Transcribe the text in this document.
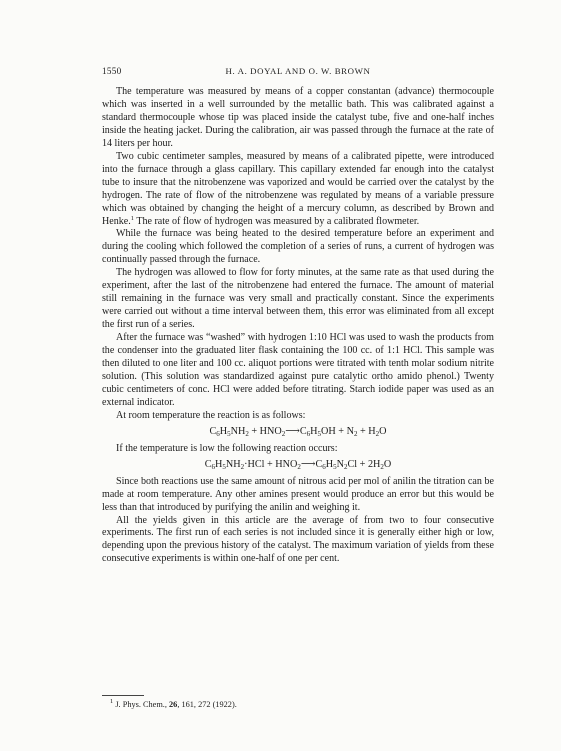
1550	H. A. DOYAL AND O. W. BROWN

The temperature was measured by means of a copper constantan (advance) thermocouple which was inserted in a well surrounded by the metallic bath. This was calibrated against a standard thermocouple whose tip was placed inside the catalyst tube, five and one-half inches inside the heating jacket. During the calibration, air was passed through the furnace at the rate of 14 liters per hour.

Two cubic centimeter samples, measured by means of a calibrated pipette, were introduced into the furnace through a glass capillary. This capillary extended far enough into the catalyst tube to insure that the nitrobenzene was vaporized and would be carried over the catalyst by the hydrogen. The rate of flow of the nitrobenzene was regulated by means of a variable pressure which was obtained by changing the height of a mercury column, as described by Brown and Henke.$^1$ The rate of flow of hydrogen was measured by a calibrated flowmeter.

While the furnace was being heated to the desired temperature before an experiment and during the cooling which followed the completion of a series of runs, a current of hydrogen was continually passed through the furnace.

The hydrogen was allowed to flow for forty minutes, at the same rate as that used during the experiment, after the last of the nitrobenzene had entered the furnace. The amount of material still remaining in the furnace was very small and practically constant. Since the experiments were carried out without a time interval between them, this error was eliminated from all except the first run of a series.

After the furnace was “washed” with hydrogen 1:10 HCl was used to wash the products from the condenser into the graduated liter flask containing the 100 cc. of 1:1 HCl. This sample was then diluted to one liter and 100 cc. aliquot portions were titrated with tenth molar sodium nitrite solution. (This solution was standardized against pure catalytic ortho amido phenol.) Twenty cubic centimeters of conc. HCl were added before titrating. Starch iodide paper was used as an external indicator.

At room temperature the reaction is as follows:

$C_6H_5NH_2$ + $HNO_2⟶C_6H_5OH + N_2 + H_2O$

If the temperature is low the following reaction occurs:

$C_6H_5NH_2\cdot HCl$ + $HNO_2⟶C_6H_5N_2Cl + 2H_2O$

Since both reactions use the same amount of nitrous acid per mol of anilin the titration can be made at room temperature. Any other amines present would produce an error but this would be less than that introduced by purifying the anilin and weighing it.

All the yields given in this article are the average of from two to four consecutive experiments. The first run of each series is not included since it is generally either high or low, depending upon the previous history of the catalyst. The maximum variation of yields from these consecutive experiments is within one-half of one per cent.

$^1$ J. Phys. Chem., 26, 161, 272 (1922).
